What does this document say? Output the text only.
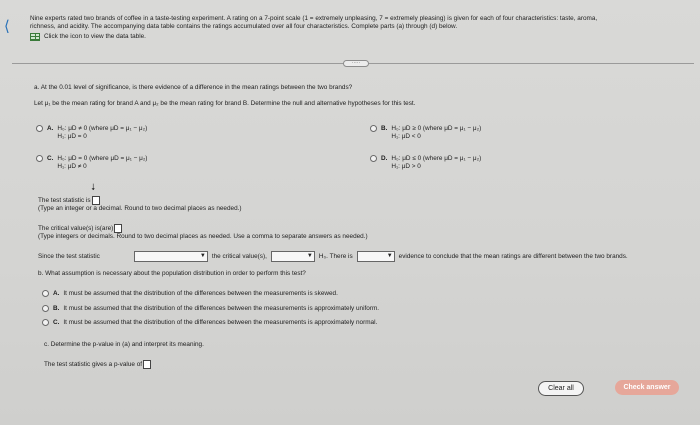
⟨	Nine experts rated two brands of coffee in a taste-testing experiment. A rating on a 7-point scale (1 = extremely unpleasing, 7 = extremely pleasing) is given for each of four characteristics: taste, aroma,
richness, and acidity. The accompanying data table contains the ratings accumulated over all four characteristics. Complete parts (a) through (d) below.
Click the icon to view the data table.
·····
a. At the 0.01 level of significance, is there evidence of a difference in the mean ratings between the two brands?
Let μ₁ be the mean rating for brand A and μ₂ be the mean rating for brand B. Determine the null and alternative hypotheses for this test.
A. H₀: μD ≠ 0 (where μD = μ₁ − μ₂)
H₁: μD = 0
B. H₀: μD ≥ 0 (where μD = μ₁ − μ₂)
H₁: μD < 0
C. H₀: μD = 0 (where μD = μ₁ − μ₂)
H₁: μD ≠ 0
D. H₀: μD ≤ 0 (where μD = μ₁ − μ₂)
H₁: μD > 0
⭣
The test statistic is
(Type an integer or a decimal. Round to two decimal places as needed.)
The critical value(s) is(are)
(Type integers or decimals. Round to two decimal places as needed. Use a comma to separate answers as needed.)
Since the test statistic	▼ the critical value(s),	▼ H₀. There is	▼ evidence to conclude that the mean ratings are different between the two brands.
b. What assumption is necessary about the population distribution in order to perform this test?
A. It must be assumed that the distribution of the differences between the measurements is skewed.
B. It must be assumed that the distribution of the differences between the measurements is approximately uniform.
C. It must be assumed that the distribution of the differences between the measurements is approximately normal.
c. Determine the p-value in (a) and interpret its meaning.
The test statistic gives a p-value of
Clear all	Check answer
